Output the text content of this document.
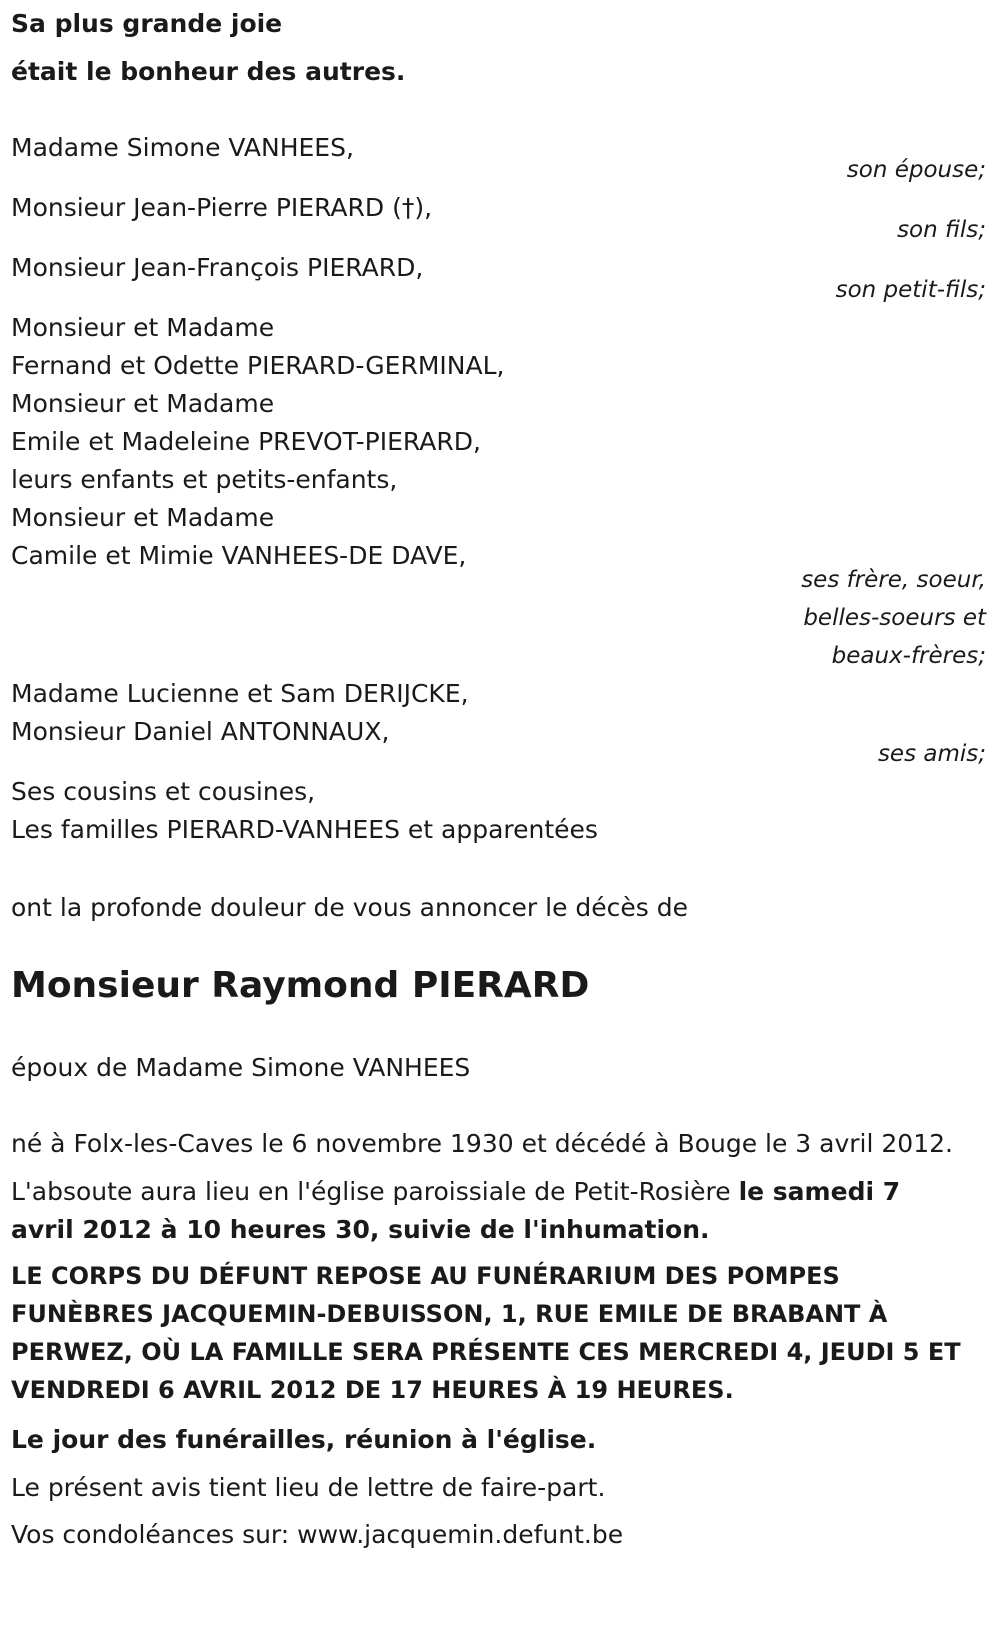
Sa plus grande joie
était le bonheur des autres.
Madame Simone VANHEES,
son épouse;
Monsieur Jean-Pierre PIERARD (†),
son fils;
Monsieur Jean-François PIERARD,
son petit-fils;
Monsieur et Madame
Fernand et Odette PIERARD-GERMINAL,
Monsieur et Madame
Emile et Madeleine PREVOT-PIERARD,
leurs enfants et petits-enfants,
Monsieur et Madame
Camile et Mimie VANHEES-DE DAVE,
ses frère, soeur,
belles-soeurs et
beaux-frères;
Madame Lucienne et Sam DERIJCKE,
Monsieur Daniel ANTONNAUX,
ses amis;
Ses cousins et cousines,
Les familles PIERARD-VANHEES et apparentées
ont la profonde douleur de vous annoncer le décès de
Monsieur Raymond PIERARD
époux de Madame Simone VANHEES
né à Folx-les-Caves le 6 novembre 1930 et décédé à Bouge le 3 avril 2012.
L'absoute aura lieu en l'église paroissiale de Petit-Rosière le samedi 7
avril 2012 à 10 heures 30, suivie de l'inhumation.
LE CORPS DU DÉFUNT REPOSE AU FUNÉRARIUM DES POMPES
FUNÈBRES JACQUEMIN-DEBUISSON, 1, RUE EMILE DE BRABANT À
PERWEZ, OÙ LA FAMILLE SERA PRÉSENTE CES MERCREDI 4, JEUDI 5 ET
VENDREDI 6 AVRIL 2012 DE 17 HEURES À 19 HEURES.
Le jour des funérailles, réunion à l'église.
Le présent avis tient lieu de lettre de faire-part.
Vos condoléances sur: www.jacquemin.defunt.be
